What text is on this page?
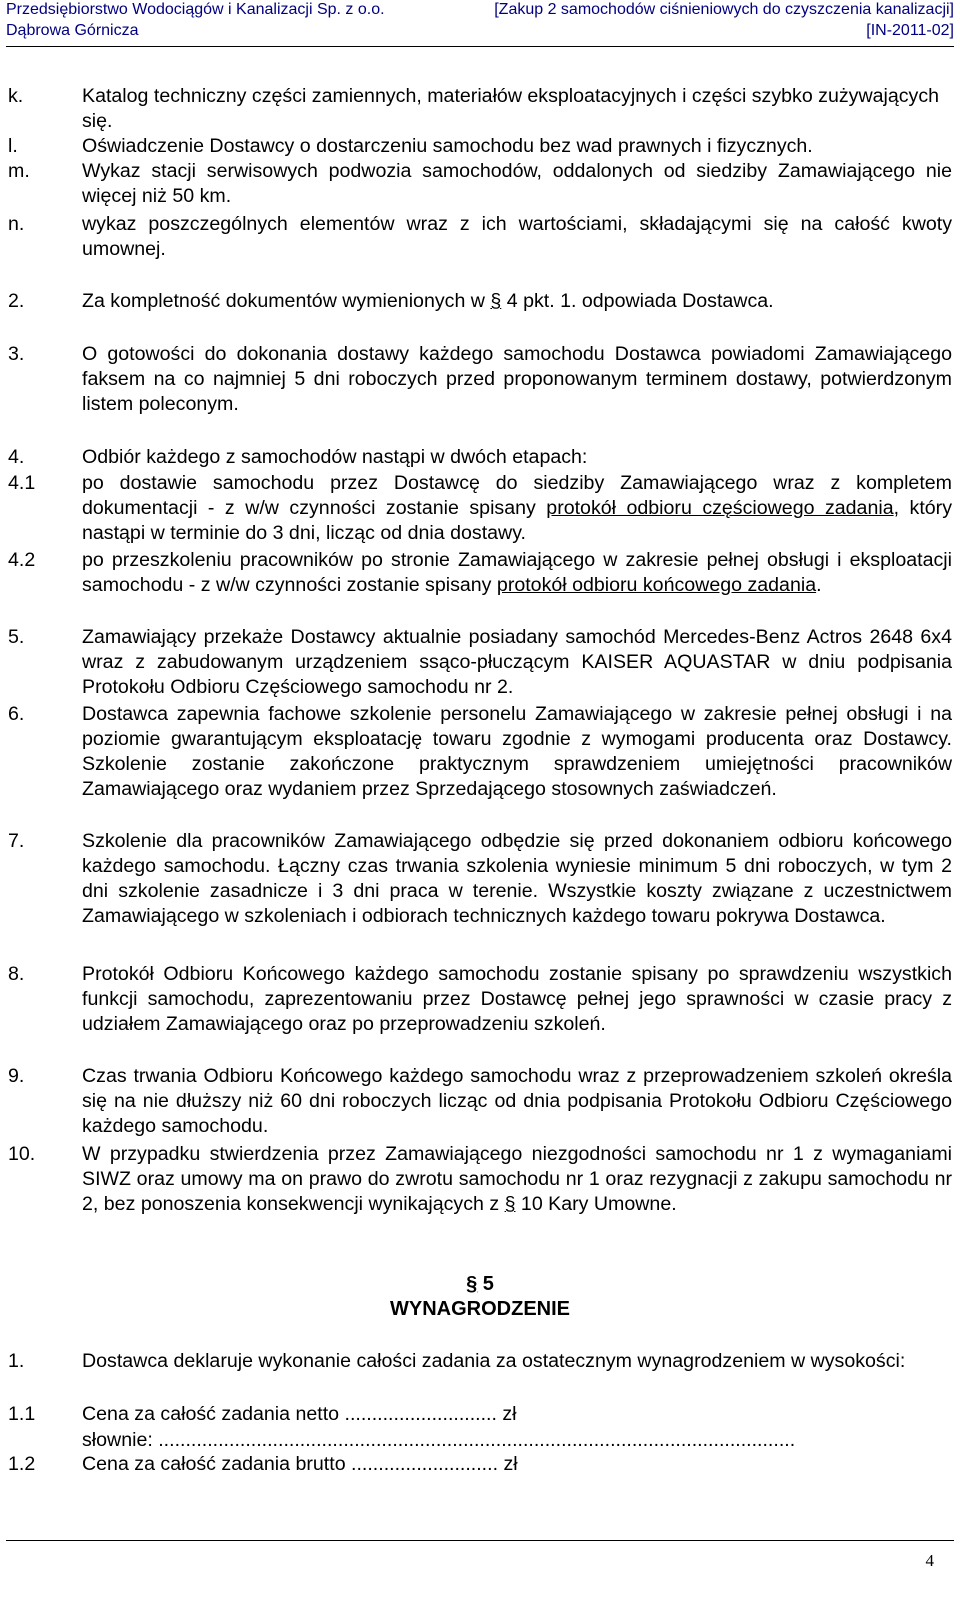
Przedsiębiorstwo Wodociągów i Kanalizacji Sp. z o.o.
Dąbrowa Górnicza
[Zakup 2 samochodów ciśnieniowych do czyszczenia kanalizacji]
[IN-2011-02]
k.	Katalog techniczny części zamiennych, materiałów eksploatacyjnych i części szybko zużywających się.
l.	Oświadczenie Dostawcy o dostarczeniu samochodu bez wad prawnych i fizycznych.
m.	Wykaz stacji serwisowych podwozia samochodów, oddalonych od siedziby Zamawiającego nie więcej niż 50 km.
n.	wykaz poszczególnych elementów wraz z ich wartościami, składającymi się na całość kwoty umownej.
2.	Za kompletność dokumentów wymienionych w § 4 pkt. 1. odpowiada Dostawca.
3.	O gotowości do dokonania dostawy każdego samochodu Dostawca powiadomi Zamawiającego faksem na co najmniej 5 dni roboczych przed proponowanym terminem dostawy, potwierdzonym listem poleconym.
4.	Odbiór każdego z samochodów nastąpi w dwóch etapach:
4.1 po dostawie samochodu przez Dostawcę do siedziby Zamawiającego wraz z kompletem dokumentacji - z w/w czynności zostanie spisany protokół odbioru częściowego zadania, który nastąpi w terminie do 3 dni, licząc od dnia dostawy.
4.2 po przeszkoleniu pracowników po stronie Zamawiającego w zakresie pełnej obsługi i eksploatacji samochodu - z w/w czynności zostanie spisany protokół odbioru końcowego zadania.
5.	Zamawiający przekaże Dostawcy aktualnie posiadany samochód Mercedes-Benz Actros 2648 6x4 wraz z zabudowanym urządzeniem ssąco-płuczącym KAISER AQUASTAR w dniu podpisania Protokołu Odbioru Częściowego samochodu nr 2.
6.	Dostawca zapewnia fachowe szkolenie personelu Zamawiającego w zakresie pełnej obsługi i na poziomie gwarantującym eksploatację towaru zgodnie z wymogami producenta oraz Dostawcy. Szkolenie zostanie zakończone praktycznym sprawdzeniem umiejętności pracowników Zamawiającego oraz wydaniem przez Sprzedającego stosownych zaświadczeń.
7.	Szkolenie dla pracowników Zamawiającego odbędzie się przed dokonaniem odbioru końcowego każdego samochodu. Łączny czas trwania szkolenia wyniesie minimum 5 dni roboczych, w tym 2 dni szkolenie zasadnicze i 3 dni praca w terenie. Wszystkie koszty związane z uczestnictwem Zamawiającego w szkoleniach i odbiorach technicznych każdego towaru pokrywa Dostawca.
8.	Protokół Odbioru Końcowego każdego samochodu zostanie spisany po sprawdzeniu wszystkich funkcji samochodu, zaprezentowaniu przez Dostawcę pełnej jego sprawności w czasie pracy z udziałem Zamawiającego oraz po przeprowadzeniu szkoleń.
9.	Czas trwania Odbioru Końcowego każdego samochodu wraz z przeprowadzeniem szkoleń określa się na nie dłuższy niż 60 dni roboczych licząc od dnia podpisania Protokołu Odbioru Częściowego każdego samochodu.
10. W przypadku stwierdzenia przez Zamawiającego niezgodności samochodu nr 1 z wymaganiami SIWZ oraz umowy ma on prawo do zwrotu samochodu nr 1 oraz rezygnacji z zakupu samochodu nr 2, bez ponoszenia konsekwencji wynikających z § 10 Kary Umowne.
§ 5
WYNAGRODZENIE
1.	Dostawca deklaruje wykonanie całości zadania za ostatecznym wynagrodzeniem w wysokości:
1.1 Cena za całość zadania netto ............................ zł
słownie: .....................................................................................................................
1.2 Cena za całość zadania brutto ........................... zł
4
